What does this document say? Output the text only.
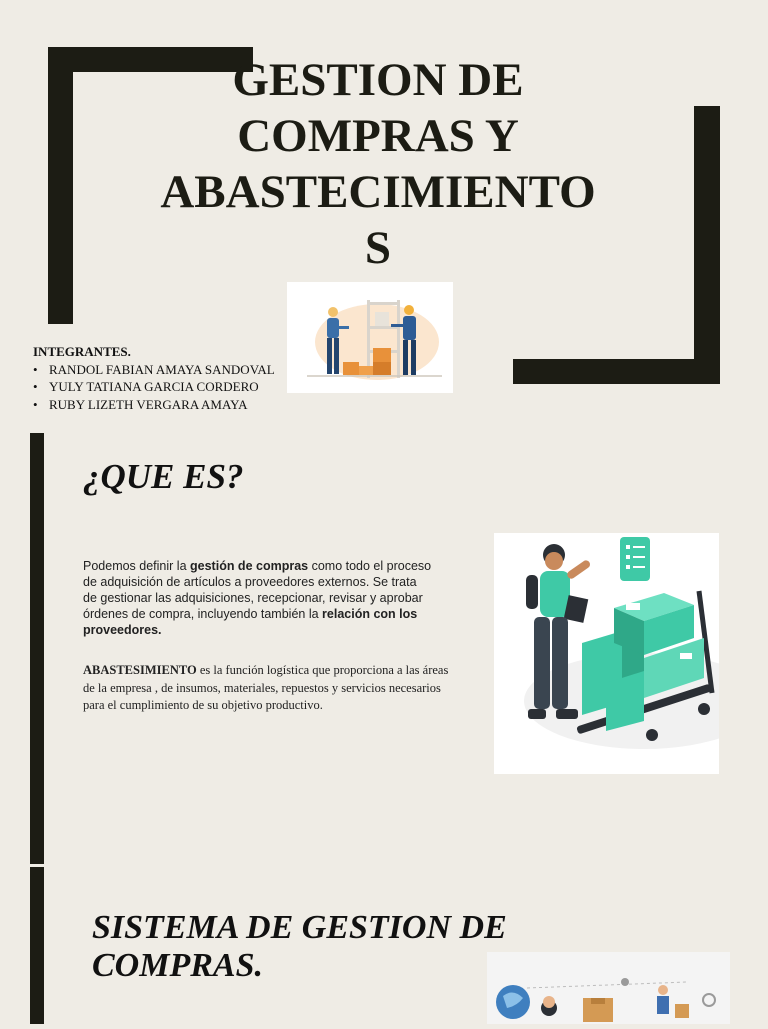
GESTION DE
COMPRAS Y
ABASTECIMIENTO
S
INTEGRANTES.
• RANDOL FABIAN AMAYA SANDOVAL
• YULY TATIANA GARCIA CORDERO
• RUBY LIZETH VERGARA AMAYA
¿QUE ES?
Podemos definir la gestión de compras como todo el proceso de adquisición de artículos a proveedores externos. Se trata de gestionar las adquisiciones, recepcionar, revisar y aprobar órdenes de compra, incluyendo también la relación con los proveedores.
ABASTESIMIENTO es la función logística que proporciona a las áreas de la empresa , de insumos, materiales, repuestos y servicios necesarios para el cumplimiento de su objetivo productivo.
SISTEMA DE GESTION DE
COMPRAS.
